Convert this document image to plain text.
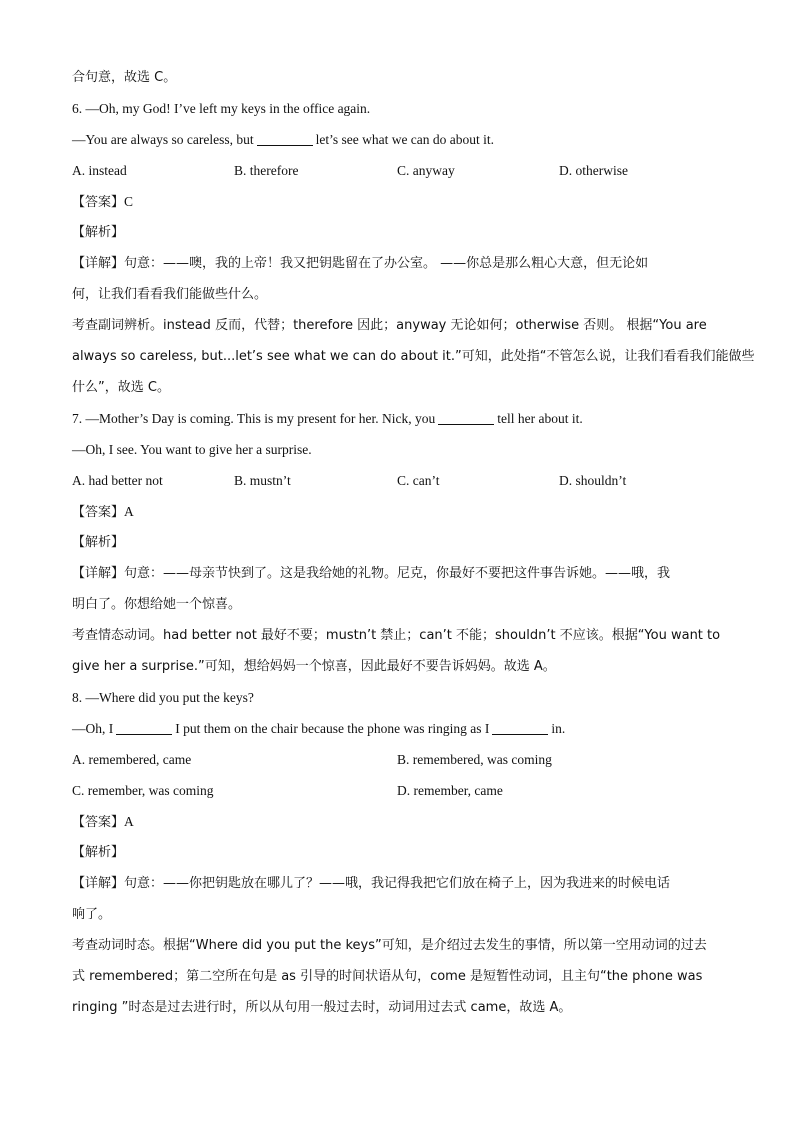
合句意，故选 C。
6. —Oh, my God! I’ve left my keys in the office again.
—You are always so careless, but	let’s see what we can do about it.
A. instead	B. therefore	C. anyway	D. otherwise
【答案】C
【解析】
【详解】句意：——噢，我的上帝！我又把钥匙留在了办公室。 ——你总是那么粗心大意，但无论如
何，让我们看看我们能做些什么。
考查副词辨析。instead 反而，代替；therefore 因此；anyway 无论如何；otherwise 否则。 根据“You are
always so careless, but...let’s see what we can do about it.”可知，此处指“不管怎么说，让我们看看我们能做些
什么”，故选 C。
7. —Mother’s Day is coming. This is my present for her. Nick, you	tell her about it.
—Oh, I see. You want to give her a surprise.
A. had better not	B. mustn’t	C. can’t	D. shouldn’t
【答案】A
【解析】
【详解】句意：——母亲节快到了。这是我给她的礼物。尼克，你最好不要把这件事告诉她。——哦，我
明白了。你想给她一个惊喜。
考查情态动词。had better not 最好不要；mustn’t 禁止；can’t 不能；shouldn’t 不应该。根据“You want to
give her a surprise.”可知，想给妈妈一个惊喜，因此最好不要告诉妈妈。故选 A。
8. —Where did you put the keys?
—Oh, I	I put them on the chair because the phone was ringing as I	in.
A. remembered, came	B. remembered, was coming
C. remember, was coming	D. remember, came
【答案】A
【解析】
【详解】句意：——你把钥匙放在哪儿了？——哦，我记得我把它们放在椅子上，因为我进来的时候电话
响了。
考查动词时态。根据“Where did you put the keys”可知，是介绍过去发生的事情，所以第一空用动词的过去
式 remembered；第二空所在句是 as 引导的时间状语从句，come 是短暂性动词，且主句“the phone was
ringing ”时态是过去进行时，所以从句用一般过去时，动词用过去式 came，故选 A。
